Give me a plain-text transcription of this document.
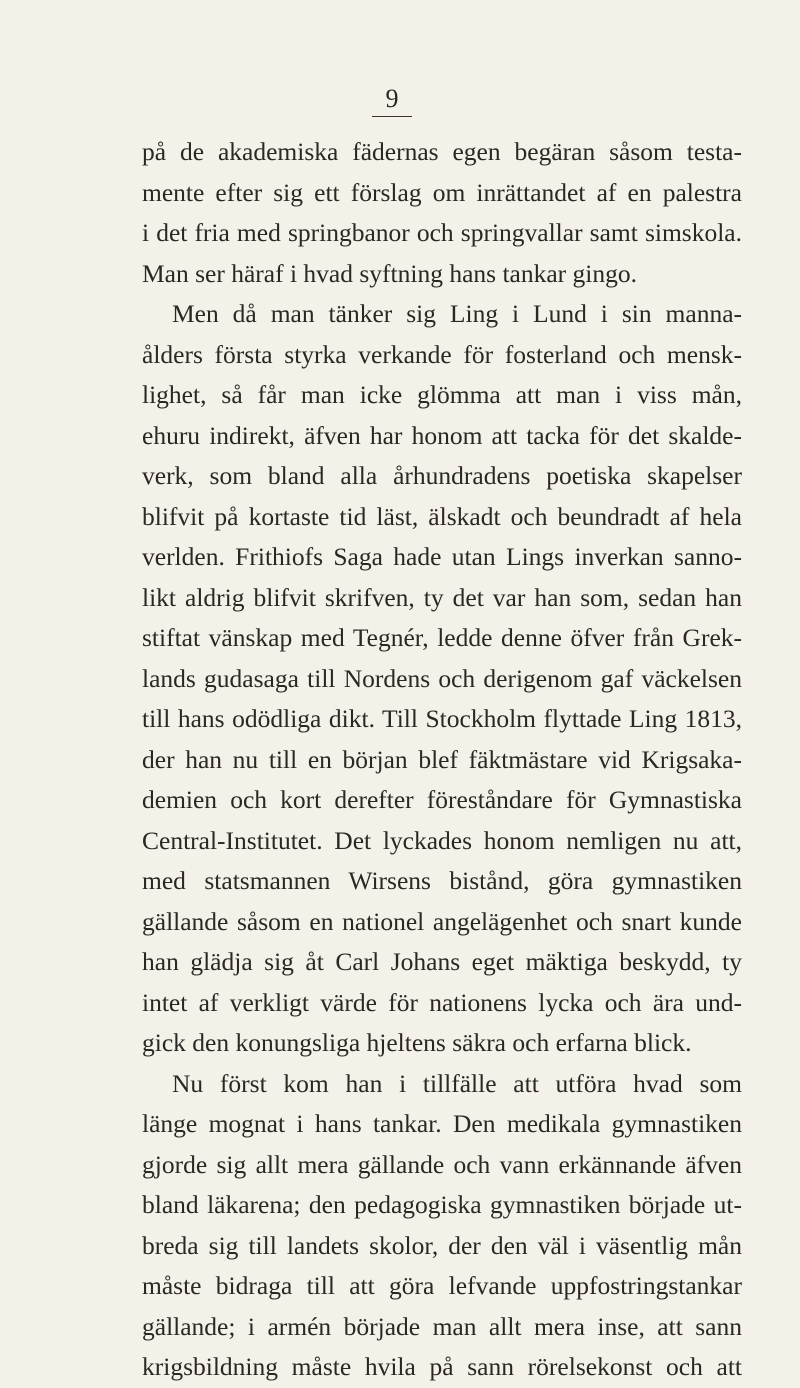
9
på de akademiska fädernas egen begäran såsom testa-
mente efter sig ett förslag om inrättandet af en palestra
i det fria med springbanor och springvallar samt simskola.
Man ser häraf i hvad syftning hans tankar gingo.
Men då man tänker sig Ling i Lund i sin manna-
ålders första styrka verkande för fosterland och mensk-
lighet, så får man icke glömma att man i viss mån,
ehuru indirekt, äfven har honom att tacka för det skalde-
verk, som bland alla århundradens poetiska skapelser
blifvit på kortaste tid läst, älskadt och beundradt af hela
verlden. Frithiofs Saga hade utan Lings inverkan sanno-
likt aldrig blifvit skrifven, ty det var han som, sedan han
stiftat vänskap med Tegnér, ledde denne öfver från Grek-
lands gudasaga till Nordens och derigenom gaf väckelsen
till hans odödliga dikt. Till Stockholm flyttade Ling 1813,
der han nu till en början blef fäktmästare vid Krigsaka-
demien och kort derefter föreståndare för Gymnastiska
Central-Institutet. Det lyckades honom nemligen nu att,
med statsmannen Wirsens bistånd, göra gymnastiken
gällande såsom en nationel angelägenhet och snart kunde
han glädja sig åt Carl Johans eget mäktiga beskydd, ty
intet af verkligt värde för nationens lycka och ära und-
gick den konungsliga hjeltens säkra och erfarna blick.
Nu först kom han i tillfälle att utföra hvad som
länge mognat i hans tankar. Den medikala gymnastiken
gjorde sig allt mera gällande och vann erkännande äfven
bland läkarena; den pedagogiska gymnastiken började ut-
breda sig till landets skolor, der den väl i väsentlig mån
måste bidraga till att göra lefvande uppfostringstankar
gällande; i armén började man allt mera inse, att sann
krigsbildning måste hvila på sann rörelsekonst och att
